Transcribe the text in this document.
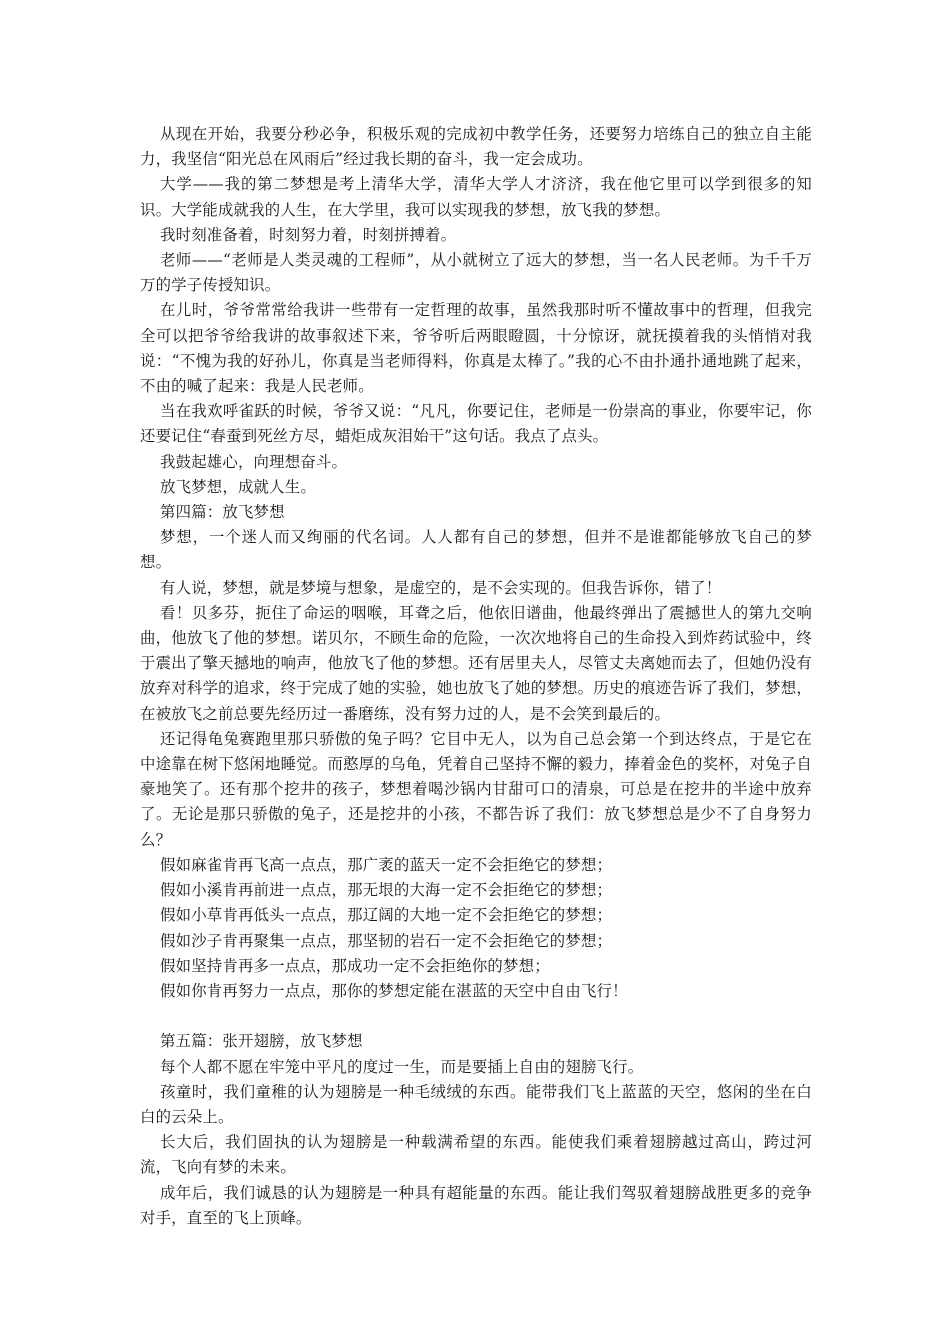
从现在开始，我要分秒必争，积极乐观的完成初中教学任务，还要努力培练自己的独立自主能力，我坚信“阳光总在风雨后”经过我长期的奋斗，我一定会成功。

大学——我的第二梦想是考上清华大学，清华大学人才济济，我在他它里可以学到很多的知识。大学能成就我的人生，在大学里，我可以实现我的梦想，放飞我的梦想。

我时刻准备着，时刻努力着，时刻拼搏着。

老师——“老师是人类灵魂的工程师”，从小就树立了远大的梦想，当一名人民老师。为千千万万的学子传授知识。

在儿时，爷爷常常给我讲一些带有一定哲理的故事，虽然我那时听不懂故事中的哲理，但我完全可以把爷爷给我讲的故事叙述下来，爷爷听后两眼瞪圆，十分惊讶，就抚摸着我的头悄悄对我说：“不愧为我的好孙儿，你真是当老师得料，你真是太棒了。”我的心不由扑通扑通地跳了起来，不由的喊了起来：我是人民老师。

当在我欢呼雀跃的时候，爷爷又说：“凡凡，你要记住，老师是一份崇高的事业，你要牢记，你还要记住“春蚕到死丝方尽，蜡炬成灰泪始干”这句话。我点了点头。

我鼓起雄心，向理想奋斗。

放飞梦想，成就人生。

第四篇：放飞梦想

梦想，一个迷人而又绚丽的代名词。人人都有自己的梦想，但并不是谁都能够放飞自己的梦想。

有人说，梦想，就是梦境与想象，是虚空的，是不会实现的。但我告诉你，错了！

看！贝多芬，扼住了命运的咽喉，耳聋之后，他依旧谱曲，他最终弹出了震撼世人的第九交响曲，他放飞了他的梦想。诺贝尔，不顾生命的危险，一次次地将自己的生命投入到炸药试验中，终于震出了擎天撼地的响声，他放飞了他的梦想。还有居里夫人，尽管丈夫离她而去了，但她仍没有放弃对科学的追求，终于完成了她的实验，她也放飞了她的梦想。历史的痕迹告诉了我们，梦想，在被放飞之前总要先经历过一番磨练，没有努力过的人，是不会笑到最后的。

还记得龟兔赛跑里那只骄傲的兔子吗？它目中无人，以为自己总会第一个到达终点，于是它在中途靠在树下悠闲地睡觉。而憨厚的乌龟，凭着自己坚持不懈的毅力，捧着金色的奖杯，对兔子自豪地笑了。还有那个挖井的孩子，梦想着喝沙锅内甘甜可口的清泉，可总是在挖井的半途中放弃了。无论是那只骄傲的兔子，还是挖井的小孩，不都告诉了我们：放飞梦想总是少不了自身努力么？

假如麻雀肯再飞高一点点，那广袤的蓝天一定不会拒绝它的梦想；

假如小溪肯再前进一点点，那无垠的大海一定不会拒绝它的梦想；

假如小草肯再低头一点点，那辽阔的大地一定不会拒绝它的梦想；

假如沙子肯再聚集一点点，那坚韧的岩石一定不会拒绝它的梦想；

假如坚持肯再多一点点，那成功一定不会拒绝你的梦想；

假如你肯再努力一点点，那你的梦想定能在湛蓝的天空中自由飞行！

第五篇：张开翅膀，放飞梦想

每个人都不愿在牢笼中平凡的度过一生，而是要插上自由的翅膀飞行。

孩童时，我们童稚的认为翅膀是一种毛绒绒的东西。能带我们飞上蓝蓝的天空，悠闲的坐在白白的云朵上。

长大后，我们固执的认为翅膀是一种载满希望的东西。能使我们乘着翅膀越过高山，跨过河流，飞向有梦的未来。

成年后，我们诚恳的认为翅膀是一种具有超能量的东西。能让我们驾驭着翅膀战胜更多的竞争对手，直至的飞上顶峰。
